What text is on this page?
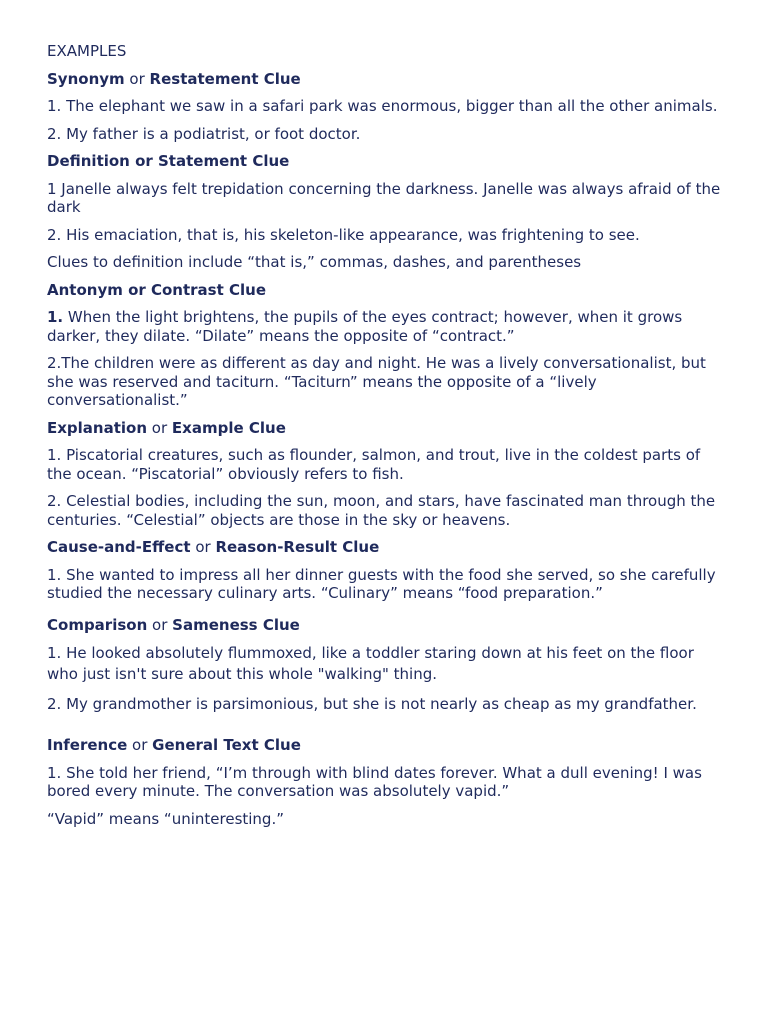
EXAMPLES
Synonym or Restatement Clue
1. The elephant we saw in a safari park was enormous, bigger than all the other animals.
2. My father is a podiatrist, or foot doctor.
Definition or Statement Clue
1 Janelle always felt trepidation concerning the darkness. Janelle was always afraid of the dark
2. His emaciation, that is, his skeleton-like appearance, was frightening to see.
Clues to definition include “that is,” commas, dashes, and parentheses
Antonym or Contrast Clue
1. When the light brightens, the pupils of the eyes contract; however, when it grows darker, they dilate. “Dilate” means the opposite of “contract.”
2.The children were as different as day and night. He was a lively conversationalist, but she was reserved and taciturn. “Taciturn” means the opposite of a “lively conversationalist.”
Explanation or Example Clue
1. Piscatorial creatures, such as flounder, salmon, and trout, live in the coldest parts of the ocean. “Piscatorial” obviously refers to fish.
2. Celestial bodies, including the sun, moon, and stars, have fascinated man through the centuries. “Celestial” objects are those in the sky or heavens.
Cause-and-Effect or Reason-Result Clue
1. She wanted to impress all her dinner guests with the food she served, so she carefully studied the necessary culinary arts. “Culinary” means “food preparation.”
Comparison or Sameness Clue
1. He looked absolutely flummoxed, like a toddler staring down at his feet on the floor who just isn't sure about this whole "walking" thing.
2. My grandmother is parsimonious, but she is not nearly as cheap as my grandfather.
Inference or General Text Clue
1. She told her friend, “I’m through with blind dates forever. What a dull evening! I was bored every minute. The conversation was absolutely vapid.”
“Vapid” means “uninteresting.”
